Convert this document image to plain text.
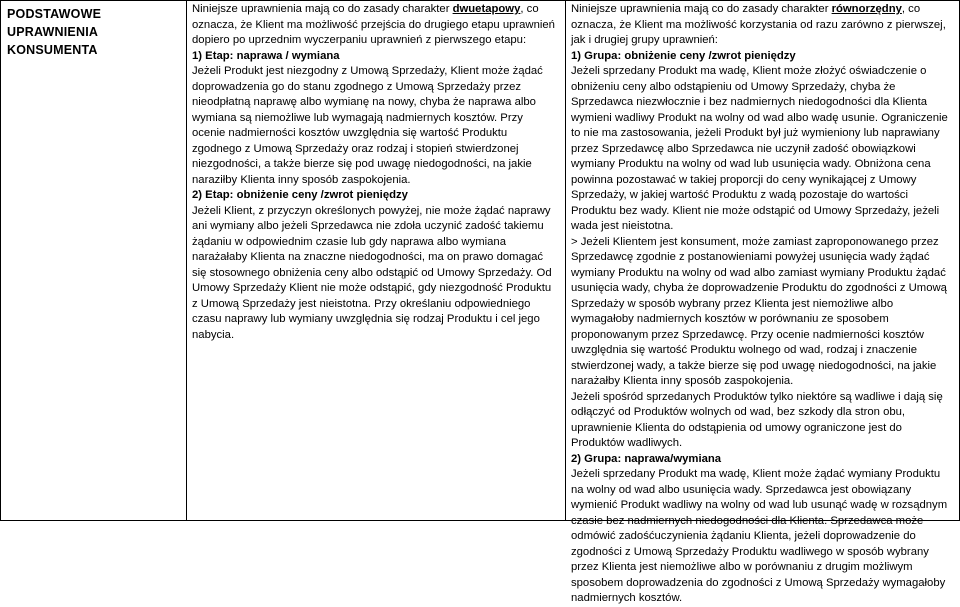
PODSTAWOWE UPRAWNIENIA KONSUMENTA

Niniejsze uprawnienia mają co do zasady charakter dwuetapowy, co oznacza, że Klient ma możliwość przejścia do drugiego etapu uprawnień dopiero po uprzednim wyczerpaniu uprawnień z pierwszego etapu:

1) Etap: naprawa / wymiana

Jeżeli Produkt jest niezgodny z Umową Sprzedaży, Klient może żądać doprowadzenia go do stanu zgodnego z Umową Sprzedaży przez nieodpłatną naprawę albo wymianę na nowy, chyba że naprawa albo wymiana są niemożliwe lub wymagają nadmiernych kosztów. Przy ocenie nadmierności kosztów uwzględnia się wartość Produktu zgodnego z Umową Sprzedaży oraz rodzaj i stopień stwierdzonej niezgodności, a także bierze się pod uwagę niedogodności, na jakie naraziłby Klienta inny sposób zaspokojenia.

2) Etap: obniżenie ceny /zwrot pieniędzy

Jeżeli Klient, z przyczyn określonych powyżej, nie może żądać naprawy ani wymiany albo jeżeli Sprzedawca nie zdoła uczynić zadość takiemu żądaniu w odpowiednim czasie lub gdy naprawa albo wymiana narażałaby Klienta na znaczne niedogodności, ma on prawo domagać się stosownego obniżenia ceny albo odstąpić od Umowy Sprzedaży. Od Umowy Sprzedaży Klient nie może odstąpić, gdy niezgodność Produktu z Umową Sprzedaży jest nieistotna. Przy określaniu odpowiedniego czasu naprawy lub wymiany uwzględnia się rodzaj Produktu i cel jego nabycia.

Niniejsze uprawnienia mają co do zasady charakter równorzędny, co oznacza, że Klient ma możliwość korzystania od razu zarówno z pierwszej, jak i drugiej grupy uprawnień:

1) Grupa: obniżenie ceny /zwrot pieniędzy

Jeżeli sprzedany Produkt ma wadę, Klient może złożyć oświadczenie o obniżeniu ceny albo odstąpieniu od Umowy Sprzedaży, chyba że Sprzedawca niezwłocznie i bez nadmiernych niedogodności dla Klienta wymieni wadliwy Produkt na wolny od wad albo wadę usunie. Ograniczenie to nie ma zastosowania, jeżeli Produkt był już wymieniony lub naprawiany przez Sprzedawcę albo Sprzedawca nie uczynił zadość obowiązkowi wymiany Produktu na wolny od wad lub usunięcia wady. Obniżona cena powinna pozostawać w takiej proporcji do ceny wynikającej z Umowy Sprzedaży, w jakiej wartość Produktu z wadą pozostaje do wartości Produktu bez wady. Klient nie może odstąpić od Umowy Sprzedaży, jeżeli wada jest nieistotna.

> Jeżeli Klientem jest konsument, może zamiast zaproponowanego przez Sprzedawcę zgodnie z postanowieniami powyżej usunięcia wady żądać wymiany Produktu na wolny od wad albo zamiast wymiany Produktu żądać usunięcia wady, chyba że doprowadzenie Produktu do zgodności z Umową Sprzedaży w sposób wybrany przez Klienta jest niemożliwe albo wymagałoby nadmiernych kosztów w porównaniu ze sposobem proponowanym przez Sprzedawcę. Przy ocenie nadmierności kosztów uwzględnia się wartość Produktu wolnego od wad, rodzaj i znaczenie stwierdzonej wady, a także bierze się pod uwagę niedogodności, na jakie narażałby Klienta inny sposób zaspokojenia.

Jeżeli spośród sprzedanych Produktów tylko niektóre są wadliwe i dają się odłączyć od Produktów wolnych od wad, bez szkody dla stron obu, uprawnienie Klienta do odstąpienia od umowy ograniczone jest do Produktów wadliwych.

2) Grupa: naprawa/wymiana

Jeżeli sprzedany Produkt ma wadę, Klient może żądać wymiany Produktu na wolny od wad albo usunięcia wady. Sprzedawca jest obowiązany wymienić Produkt wadliwy na wolny od wad lub usunąć wadę w rozsądnym czasie bez nadmiernych niedogodności dla Klienta. Sprzedawca może odmówić zadośćuczynienia żądaniu Klienta, jeżeli doprowadzenie do zgodności z Umową Sprzedaży Produktu wadliwego w sposób wybrany przez Klienta jest niemożliwe albo w porównaniu z drugim możliwym sposobem doprowadzenia do zgodności z Umową Sprzedaży wymagałoby nadmiernych kosztów.
